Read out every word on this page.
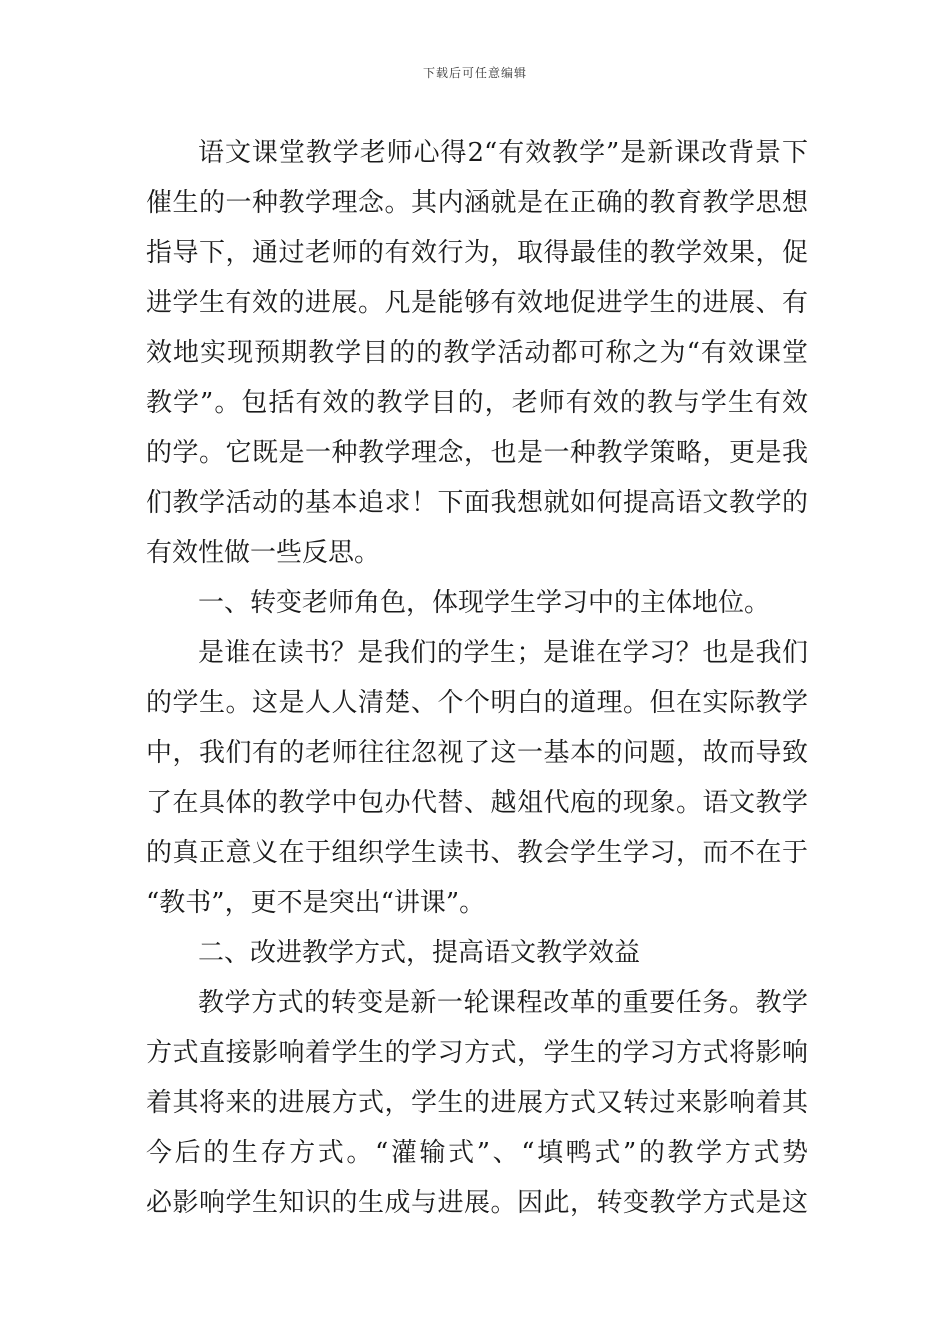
下载后可任意编辑
语文课堂教学老师心得2“有效教学”是新课改背景下
催生的一种教学理念。其内涵就是在正确的教育教学思想
指导下，通过老师的有效行为，取得最佳的教学效果，促
进学生有效的进展。凡是能够有效地促进学生的进展、有
效地实现预期教学目的的教学活动都可称之为“有效课堂
教学”。包括有效的教学目的，老师有效的教与学生有效
的学。它既是一种教学理念，也是一种教学策略，更是我
们教学活动的基本追求！下面我想就如何提高语文教学的
有效性做一些反思。
一、转变老师角色，体现学生学习中的主体地位。
是谁在读书？是我们的学生；是谁在学习？也是我们
的学生。这是人人清楚、个个明白的道理。但在实际教学
中，我们有的老师往往忽视了这一基本的问题，故而导致
了在具体的教学中包办代替、越俎代庖的现象。语文教学
的真正意义在于组织学生读书、教会学生学习，而不在于
“教书”，更不是突出“讲课”。
二、改进教学方式，提高语文教学效益
教学方式的转变是新一轮课程改革的重要任务。教学
方式直接影响着学生的学习方式，学生的学习方式将影响
着其将来的进展方式，学生的进展方式又转过来影响着其
今后的生存方式。“灌输式”、“填鸭式”的教学方式势
必影响学生知识的生成与进展。因此，转变教学方式是这
